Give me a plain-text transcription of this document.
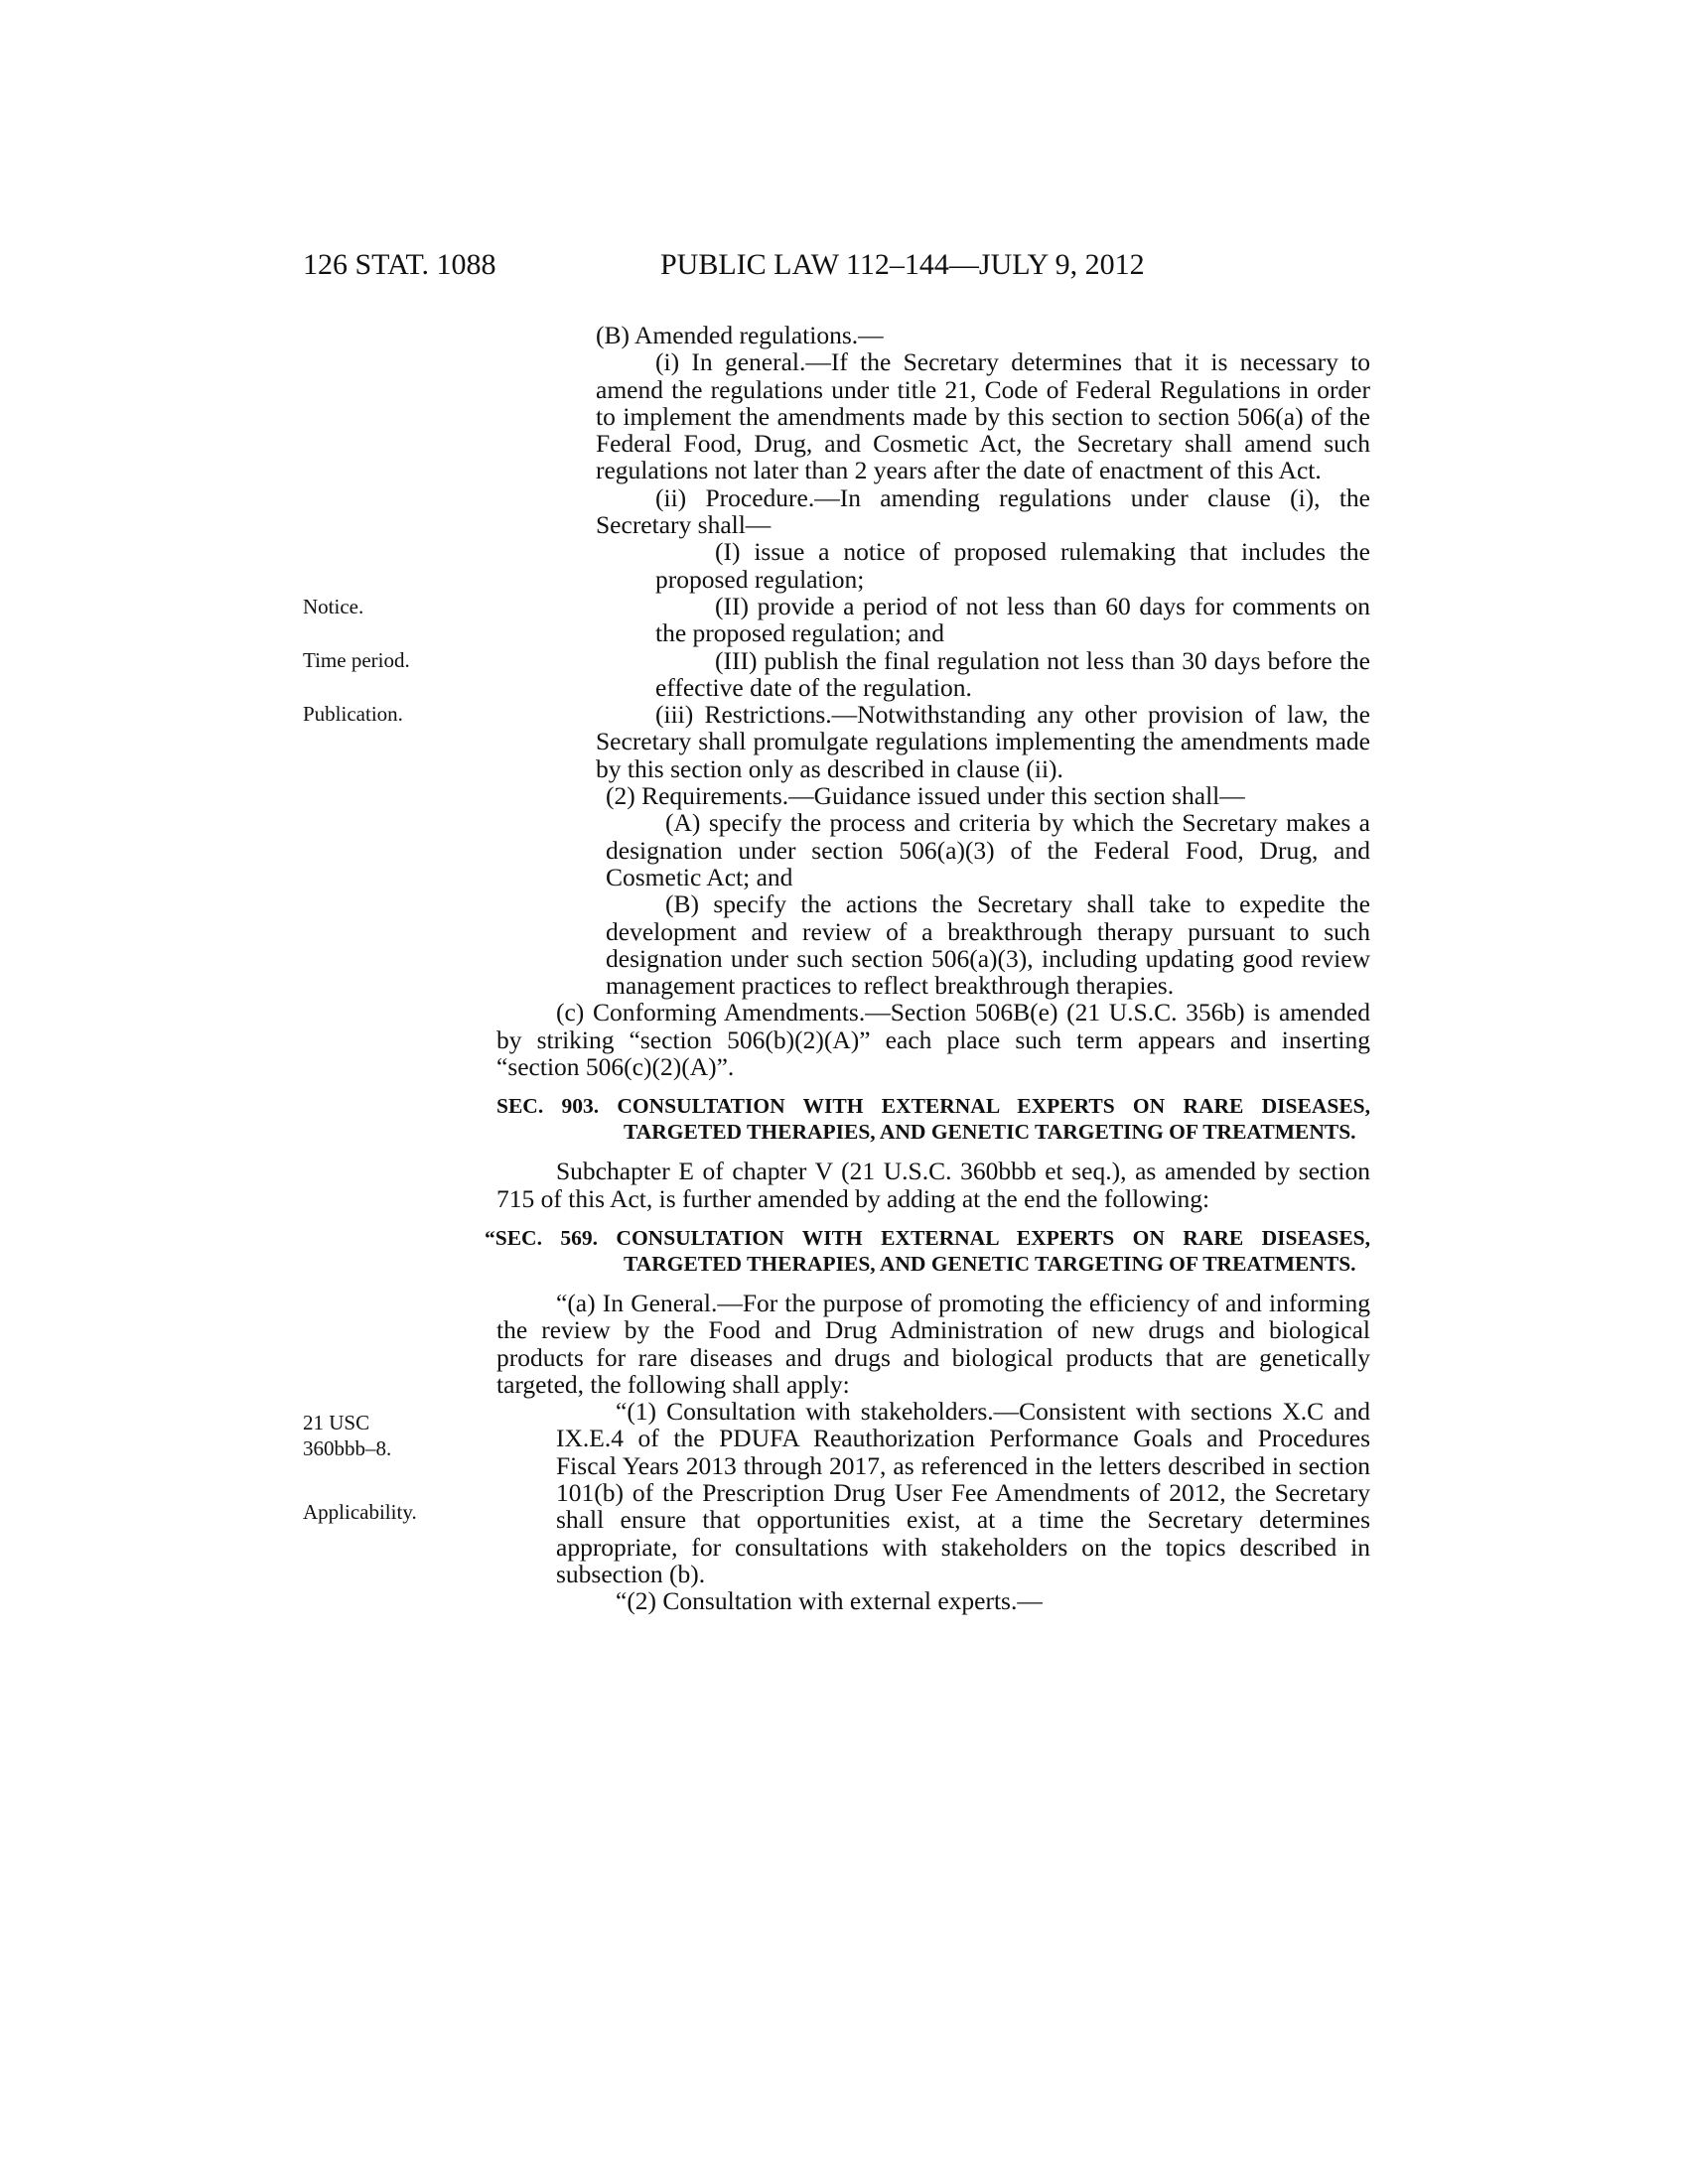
126 STAT. 1088	PUBLIC LAW 112–144—JULY 9, 2012
Notice.
Time period.
Publication.
21 USC
360bbb–8.
Applicability.

(B) Amended regulations.—

(i) In general.—If the Secretary determines that it is necessary to amend the regulations under title 21, Code of Federal Regulations in order to implement the amendments made by this section to section 506(a) of the Federal Food, Drug, and Cosmetic Act, the Secretary shall amend such regulations not later than 2 years after the date of enactment of this Act.

(ii) Procedure.—In amending regulations under clause (i), the Secretary shall—

(I) issue a notice of proposed rulemaking that includes the proposed regulation;

(II) provide a period of not less than 60 days for comments on the proposed regulation; and

(III) publish the final regulation not less than 30 days before the effective date of the regulation.

(iii) Restrictions.—Notwithstanding any other provision of law, the Secretary shall promulgate regulations implementing the amendments made by this section only as described in clause (ii).

(2) Requirements.—Guidance issued under this section shall—

(A) specify the process and criteria by which the Secretary makes a designation under section 506(a)(3) of the Federal Food, Drug, and Cosmetic Act; and

(B) specify the actions the Secretary shall take to expedite the development and review of a breakthrough therapy pursuant to such designation under such section 506(a)(3), including updating good review management practices to reflect breakthrough therapies.

(c) Conforming Amendments.—Section 506B(e) (21 U.S.C. 356b) is amended by striking “section 506(b)(2)(A)” each place such term appears and inserting “section 506(c)(2)(A)”.

SEC. 903. CONSULTATION WITH EXTERNAL EXPERTS ON RARE DISEASES, TARGETED THERAPIES, AND GENETIC TARGETING OF TREATMENTS.

Subchapter E of chapter V (21 U.S.C. 360bbb et seq.), as amended by section 715 of this Act, is further amended by adding at the end the following:

“SEC. 569. CONSULTATION WITH EXTERNAL EXPERTS ON RARE DISEASES, TARGETED THERAPIES, AND GENETIC TARGETING OF TREATMENTS.

“(a) In General.—For the purpose of promoting the efficiency of and informing the review by the Food and Drug Administration of new drugs and biological products for rare diseases and drugs and biological products that are genetically targeted, the following shall apply:

“(1) Consultation with stakeholders.—Consistent with sections X.C and IX.E.4 of the PDUFA Reauthorization Performance Goals and Procedures Fiscal Years 2013 through 2017, as referenced in the letters described in section 101(b) of the Prescription Drug User Fee Amendments of 2012, the Secretary shall ensure that opportunities exist, at a time the Secretary determines appropriate, for consultations with stakeholders on the topics described in subsection (b).

“(2) Consultation with external experts.—
